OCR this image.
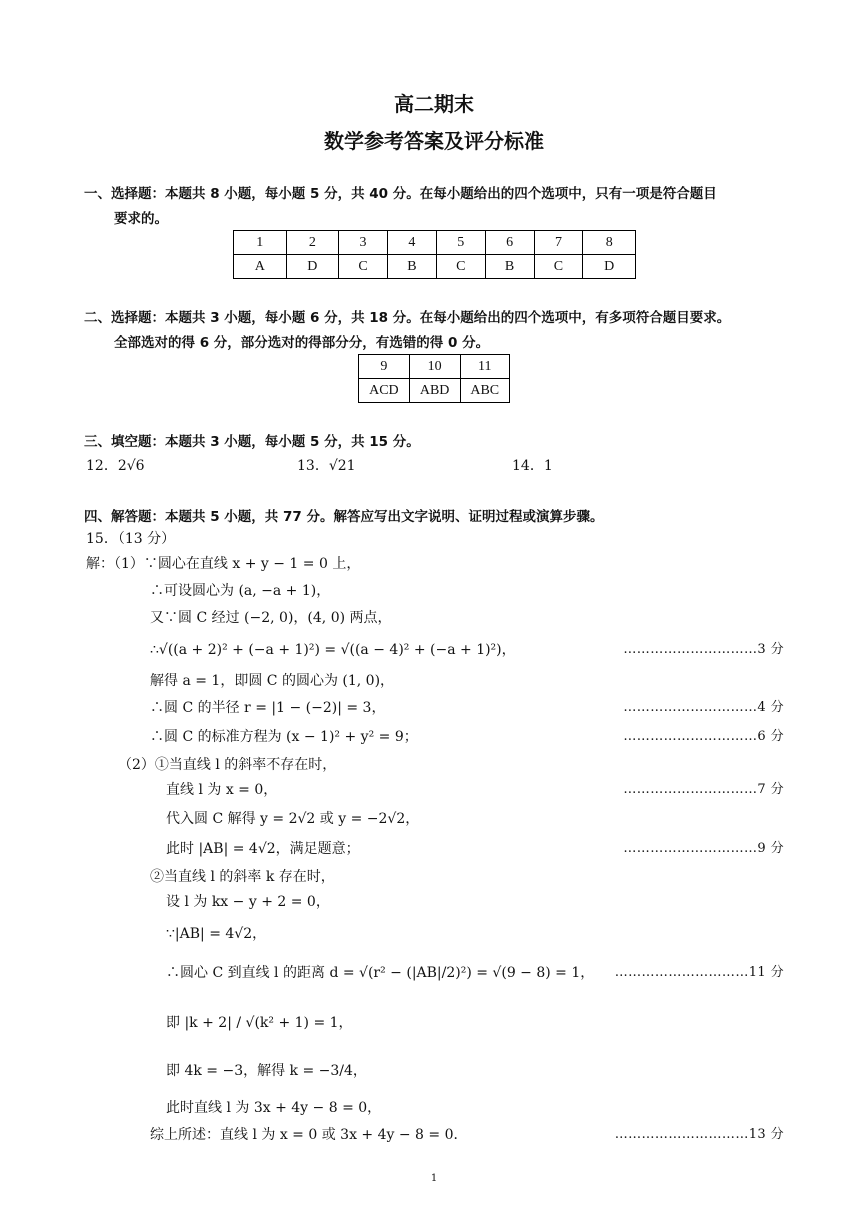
高二期末
数学参考答案及评分标准
一、选择题：本题共 8 小题，每小题 5 分，共 40 分。在每小题给出的四个选项中，只有一项是符合题目
要求的。
1	2	3	4	5	6	7	8
A	D	C	B	C	B	C	D
二、选择题：本题共 3 小题，每小题 6 分，共 18 分。在每小题给出的四个选项中，有多项符合题目要求。
全部选对的得 6 分，部分选对的得部分分，有选错的得 0 分。
9	10	11
ACD	ABD	ABC
三、填空题：本题共 3 小题，每小题 5 分，共 15 分。
12．2√6	13．√21	14．1
四、解答题：本题共 5 小题，共 77 分。解答应写出文字说明、证明过程或演算步骤。
15．（13 分）
解：（1）∵圆心在直线 x + y − 1 = 0 上，
∴可设圆心为 (a, −a + 1)，
又∵圆 C 经过 (−2, 0)，(4, 0) 两点，
∴√((a + 2)² + (−a + 1)²) = √((a − 4)² + (−a + 1)²)，
解得 a = 1，即圆 C 的圆心为 (1, 0)，
∴圆 C 的半径 r = |1 − (−2)| = 3，
∴圆 C 的标准方程为 (x − 1)² + y² = 9；
（2）①当直线 l 的斜率不存在时，
直线 l 为 x = 0，
代入圆 C 解得 y = 2√2 或 y = −2√2，
此时 |AB| = 4√2，满足题意；
②当直线 l 的斜率 k 存在时，
设 l 为 kx − y + 2 = 0，
∵|AB| = 4√2，
∴圆心 C 到直线 l 的距离 d = √(r² − (|AB|/2)²) = √(9 − 8) = 1，
即 |k + 2| / √(k² + 1) = 1，
即 4k = −3，解得 k = −3/4，
此时直线 l 为 3x + 4y − 8 = 0，
综上所述：直线 l 为 x = 0 或 3x + 4y − 8 = 0．
…………………………3 分
…………………………4 分
…………………………6 分
…………………………7 分
…………………………9 分
…………………………11 分
…………………………13 分
1
